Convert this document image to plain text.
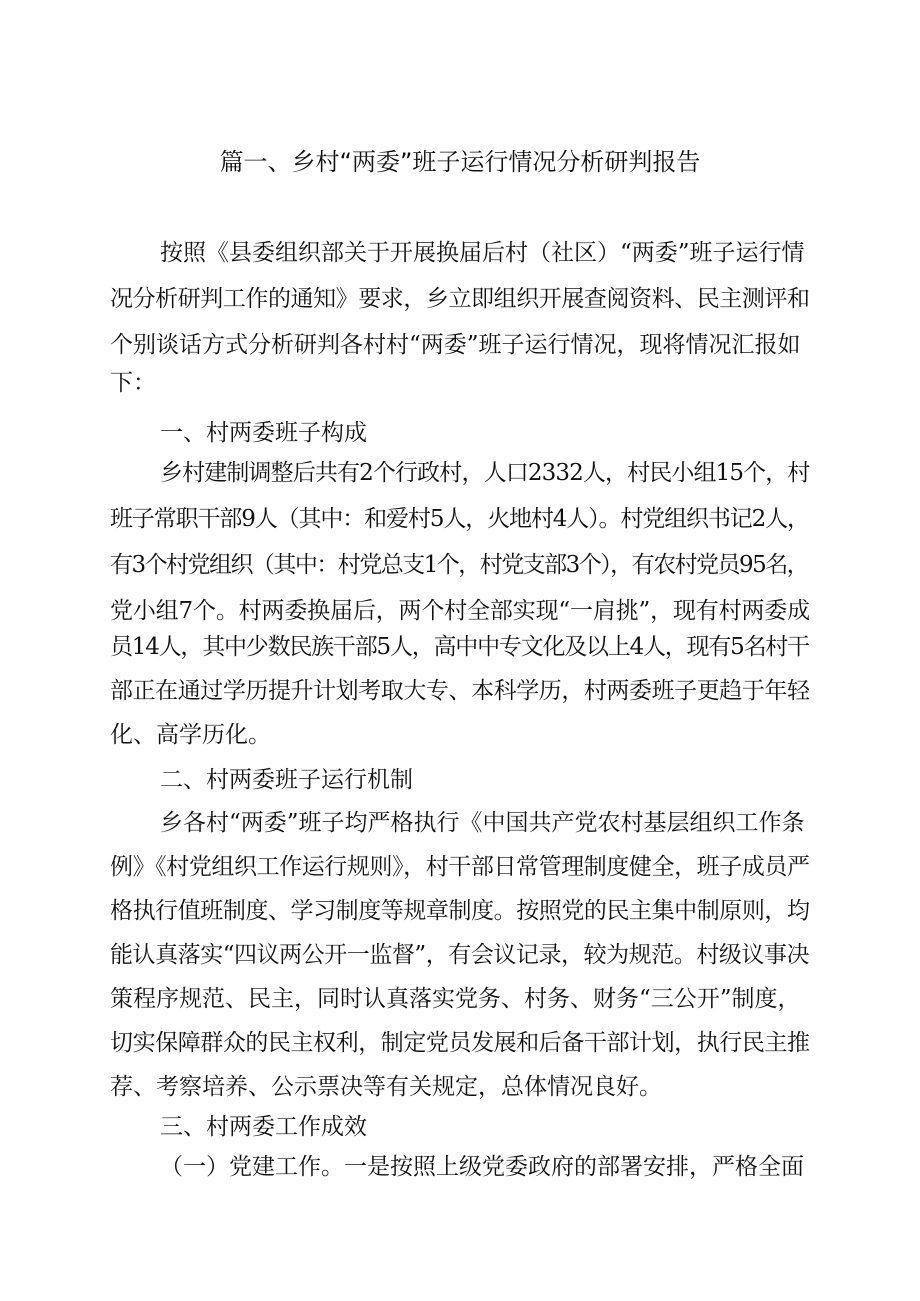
篇一、乡村“两委”班子运行情况分析研判报告
按照《县委组织部关于开展换届后村（社区）“两委”班子运行情
况分析研判工作的通知》要求，乡立即组织开展查阅资料、民主测评和
个别谈话方式分析研判各村村“两委”班子运行情况，现将情况汇报如
下：
一、村两委班子构成
乡村建制调整后共有2个行政村，人口2332人，村民小组15个，村
班子常职干部9人（其中：和爱村5人，火地村4人）。村党组织书记2人，
有3个村党组织（其中：村党总支1个，村党支部3个），有农村党员95名，
党小组7个。村两委换届后，两个村全部实现“一肩挑”，现有村两委成
员14人，其中少数民族干部5人，高中中专文化及以上4人，现有5名村干
部正在通过学历提升计划考取大专、本科学历，村两委班子更趋于年轻
化、高学历化。
二、村两委班子运行机制
乡各村“两委”班子均严格执行《中国共产党农村基层组织工作条
例》《村党组织工作运行规则》，村干部日常管理制度健全，班子成员严
格执行值班制度、学习制度等规章制度。按照党的民主集中制原则，均
能认真落实“四议两公开一监督”，有会议记录，较为规范。村级议事决
策程序规范、民主，同时认真落实党务、村务、财务“三公开”制度，
切实保障群众的民主权利，制定党员发展和后备干部计划，执行民主推
荐、考察培养、公示票决等有关规定，总体情况良好。
三、村两委工作成效
（一）党建工作。一是按照上级党委政府的部署安排，严格全面
